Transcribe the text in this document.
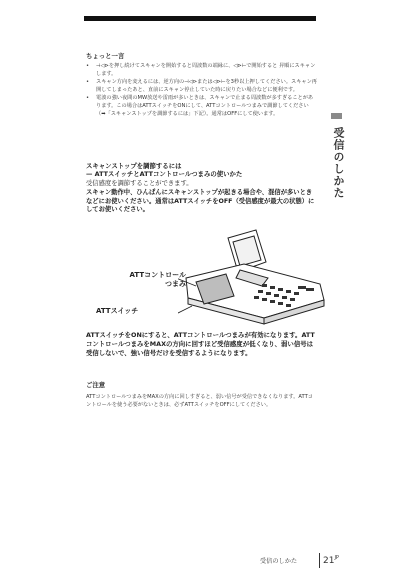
受信のしかた
ちょっと一言
• ⊣◁⊳を押し続けてスキャンを開始すると周波数の端縁に、◁⊳⊢で開始すると 昇順にスキャンします。
• スキャン方向を変えるには、逆方向の⊣◁⊳または◁⊳⊢を3秒以上押してください。スキャン再開してしまったあと、直前にスキャン停止していた時に戻りたい場合などに便利です。
• 電波の強い夜間のMW放送や雷雨が多いときは、スキャンで止まる周波数が多すぎることがあります。この場合はATTスイッチをONにして、ATTコントロールつまみで調節してください（➡「スキャンストップを調節するには」下記）。通常はOFFにして使います。
スキャンストップを調節するには
— ATTスイッチとATTコントロールつまみの使いかた
受信感度を調節することができます。
スキャン動作中、ひんぱんにスキャンストップが起きる場合や、混信が多いときなどにお使いください。通常はATTスイッチをOFF（受信感度が最大の状態）にしてお使いください。
ATTスイッチをONにすると、ATTコントロールつまみが有効になります。ATTコントロールつまみをMAXの方向に回すほど受信感度が低くなり、弱い信号は受信しないで、強い信号だけを受信するようになります。
ご注意
ATTコントロールつまみをMAXの方向に回しすぎると、弱い信号が受信できなくなります。ATTコントロールを使う必要がないときは、必ずATTスイッチをOFFにしてください。
ATTコントロール
つまみ
ATTスイッチ
受信のしかた	$21^{JP}$
